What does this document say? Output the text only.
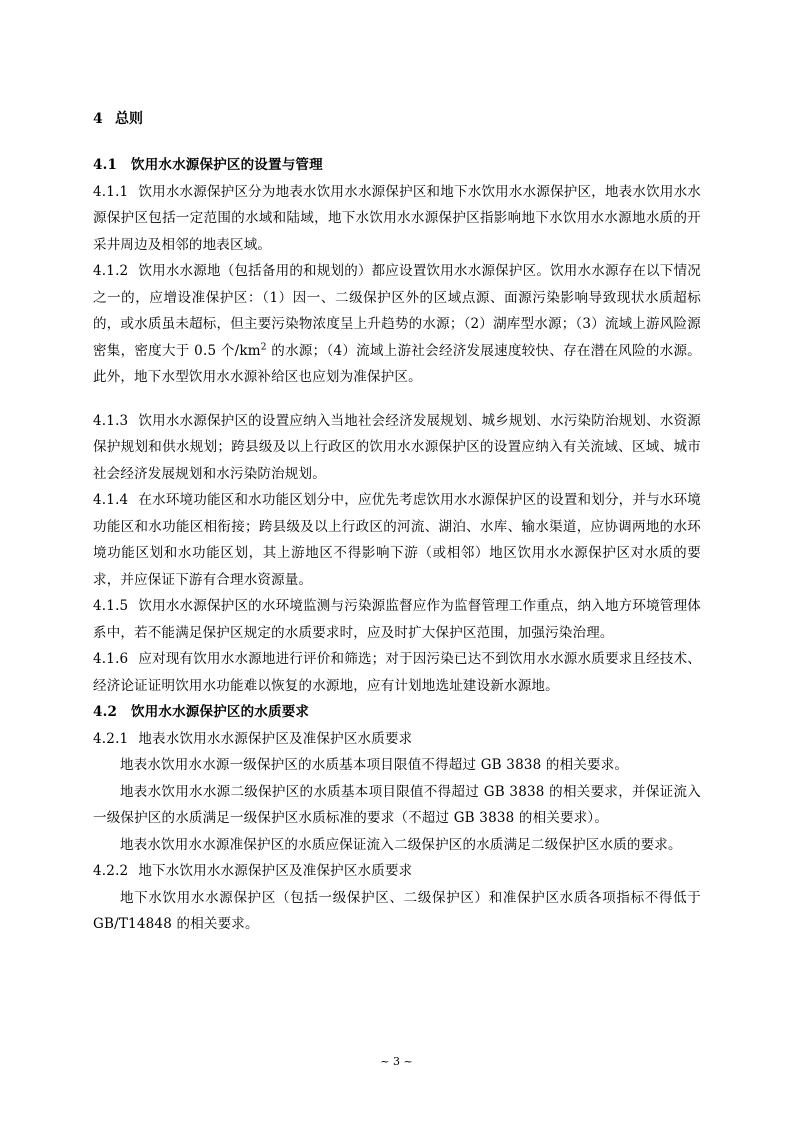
4 总则

4.1 饮用水水源保护区的设置与管理

4.1.1 饮用水水源保护区分为地表水饮用水水源保护区和地下水饮用水水源保护区，地表水饮用水水源保护区包括一定范围的水域和陆域，地下水饮用水水源保护区指影响地下水饮用水水源地水质的开采井周边及相邻的地表区域。

4.1.2 饮用水水源地（包括备用的和规划的）都应设置饮用水水源保护区。饮用水水源存在以下情况之一的，应增设准保护区：（1）因一、二级保护区外的区域点源、面源污染影响导致现状水质超标的，或水质虽未超标，但主要污染物浓度呈上升趋势的水源；（2）湖库型水源；（3）流域上游风险源密集，密度大于 0.5 个$/km^2$ 的水源；（4）流域上游社会经济发展速度较快、存在潜在风险的水源。此外，地下水型饮用水水源补给区也应划为准保护区。

4.1.3 饮用水水源保护区的设置应纳入当地社会经济发展规划、城乡规划、水污染防治规划、水资源保护规划和供水规划；跨县级及以上行政区的饮用水水源保护区的设置应纳入有关流域、区域、城市社会经济发展规划和水污染防治规划。

4.1.4 在水环境功能区和水功能区划分中，应优先考虑饮用水水源保护区的设置和划分，并与水环境功能区和水功能区相衔接；跨县级及以上行政区的河流、湖泊、水库、输水渠道，应协调两地的水环境功能区划和水功能区划，其上游地区不得影响下游（或相邻）地区饮用水水源保护区对水质的要求，并应保证下游有合理水资源量。

4.1.5 饮用水水源保护区的水环境监测与污染源监督应作为监督管理工作重点，纳入地方环境管理体系中，若不能满足保护区规定的水质要求时，应及时扩大保护区范围，加强污染治理。

4.1.6 应对现有饮用水水源地进行评价和筛选；对于因污染已达不到饮用水水源水质要求且经技术、经济论证证明饮用水功能难以恢复的水源地，应有计划地选址建设新水源地。

4.2 饮用水水源保护区的水质要求

4.2.1 地表水饮用水水源保护区及准保护区水质要求

地表水饮用水水源一级保护区的水质基本项目限值不得超过 GB 3838 的相关要求。

地表水饮用水水源二级保护区的水质基本项目限值不得超过 GB 3838 的相关要求，并保证流入一级保护区的水质满足一级保护区水质标准的要求（不超过 GB 3838 的相关要求）。

地表水饮用水水源准保护区的水质应保证流入二级保护区的水质满足二级保护区水质的要求。

4.2.2 地下水饮用水水源保护区及准保护区水质要求

地下水饮用水水源保护区（包括一级保护区、二级保护区）和准保护区水质各项指标不得低于 GB/T14848 的相关要求。

~ 3 ~
